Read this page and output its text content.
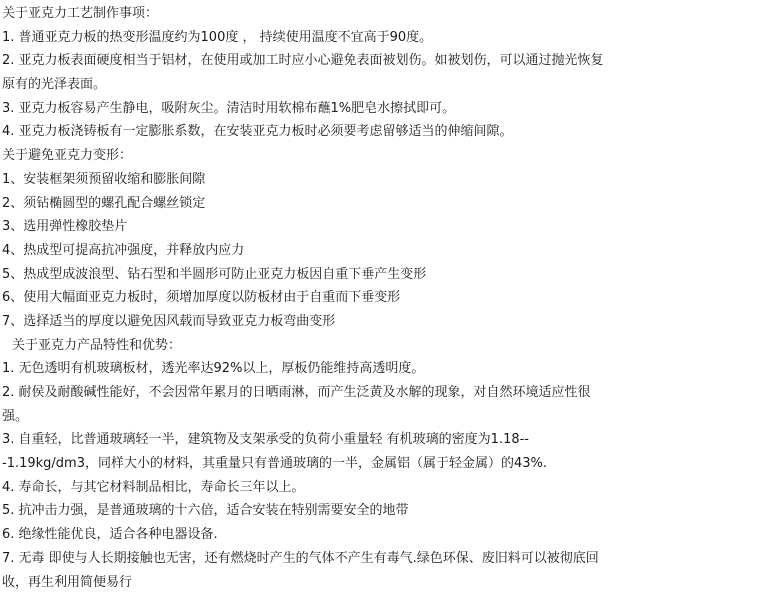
关于亚克力工艺制作事项：
1. 普通亚克力板的热变形温度约为100度 ， 持续使用温度不宜高于90度。
2. 亚克力板表面硬度相当于铝材，在使用或加工时应小心避免表面被划伤。如被划伤，可以通过抛光恢复
原有的光泽表面。
3. 亚克力板容易产生静电，吸附灰尘。清洁时用软棉布蘸1%肥皂水擦拭即可。
4. 亚克力板浇铸板有一定膨胀系数，在安装亚克力板时必须要考虑留够适当的伸缩间隙。
关于避免亚克力变形：
1、安装框架须预留收缩和膨胀间隙
2、须钻椭圆型的螺孔配合螺丝锁定
3、选用弹性橡胶垫片
4、热成型可提高抗冲强度，并释放内应力
5、热成型成波浪型、钻石型和半圆形可防止亚克力板因自重下垂产生变形
6、使用大幅面亚克力板时，须增加厚度以防板材由于自重而下垂变形
7、选择适当的厚度以避免因风载而导致亚克力板弯曲变形
关于亚克力产品特性和优势：
1. 无色透明有机玻璃板材，透光率达92%以上，厚板仍能维持高透明度。
2. 耐侯及耐酸碱性能好，不会因常年累月的日晒雨淋，而产生泛黄及水解的现象，对自然环境适应性很
强。
3. 自重轻，比普通玻璃轻一半，建筑物及支架承受的负荷小重量轻 有机玻璃的密度为1.18--
-1.19kg/dm3，同样大小的材料，其重量只有普通玻璃的一半，金属铝（属于轻金属）的43%.
4. 寿命长，与其它材料制品相比，寿命长三年以上。
5. 抗冲击力强，是普通玻璃的十六倍，适合安装在特别需要安全的地带
6. 绝缘性能优良，适合各种电器设备.
7. 无毒 即使与人长期接触也无害，还有燃烧时产生的气体不产生有毒气.绿色环保、废旧料可以被彻底回
收，再生利用简便易行
